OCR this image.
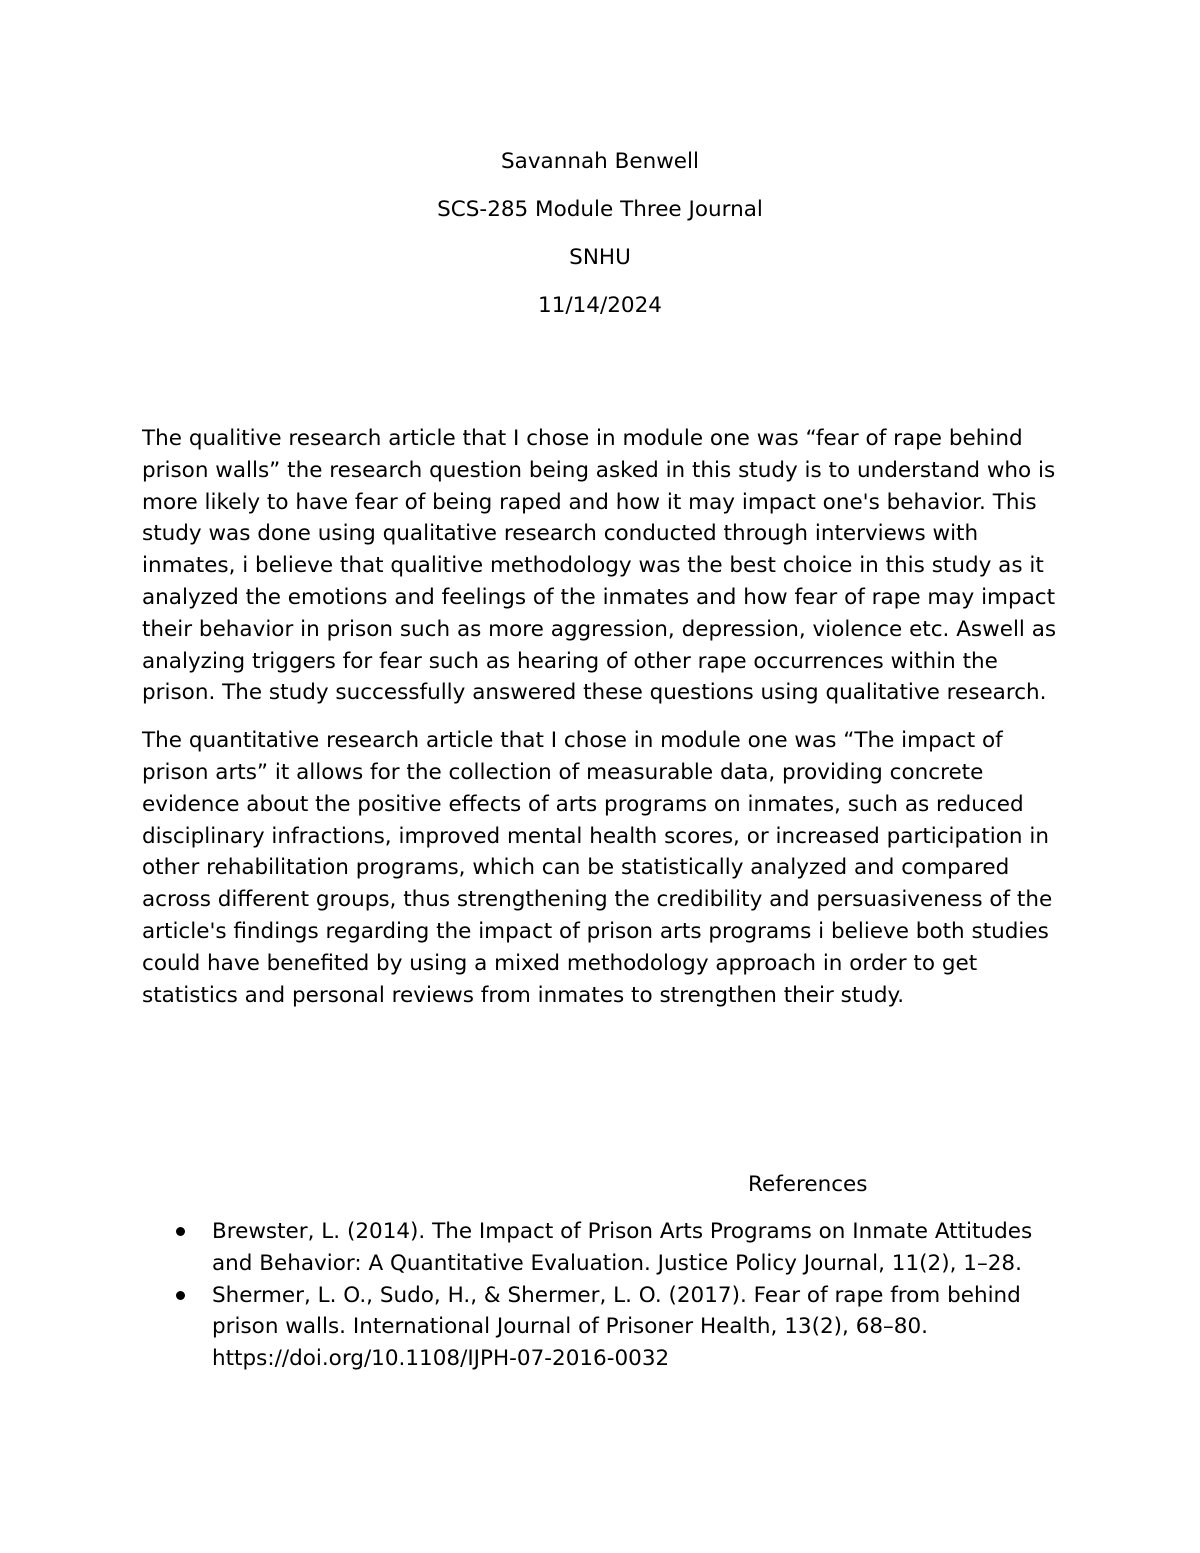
Savannah Benwell
SCS-285 Module Three Journal
SNHU
11/14/2024

The qualitive research article that I chose in module one was “fear of rape behind prison walls” the research question being asked in this study is to understand who is more likely to have fear of being raped and how it may impact one's behavior. This study was done using qualitative research conducted through interviews with inmates, i believe that qualitive methodology was the best choice in this study as it analyzed the emotions and feelings of the inmates and how fear of rape may impact their behavior in prison such as more aggression, depression, violence etc. Aswell as analyzing triggers for fear such as hearing of other rape occurrences within the prison. The study successfully answered these questions using qualitative research.

The quantitative research article that I chose in module one was “The impact of prison arts” it allows for the collection of measurable data, providing concrete evidence about the positive effects of arts programs on inmates, such as reduced disciplinary infractions, improved mental health scores, or increased participation in other rehabilitation programs, which can be statistically analyzed and compared across different groups, thus strengthening the credibility and persuasiveness of the article's findings regarding the impact of prison arts programs i believe both studies could have benefited by using a mixed methodology approach in order to get statistics and personal reviews from inmates to strengthen their study.

References
Brewster, L. (2014). The Impact of Prison Arts Programs on Inmate Attitudes and Behavior: A Quantitative Evaluation. Justice Policy Journal, 11(2), 1–28.
Shermer, L. O., Sudo, H., & Shermer, L. O. (2017). Fear of rape from behind prison walls. International Journal of Prisoner Health, 13(2), 68–80. https://doi.org/10.1108/IJPH-07-2016-0032
